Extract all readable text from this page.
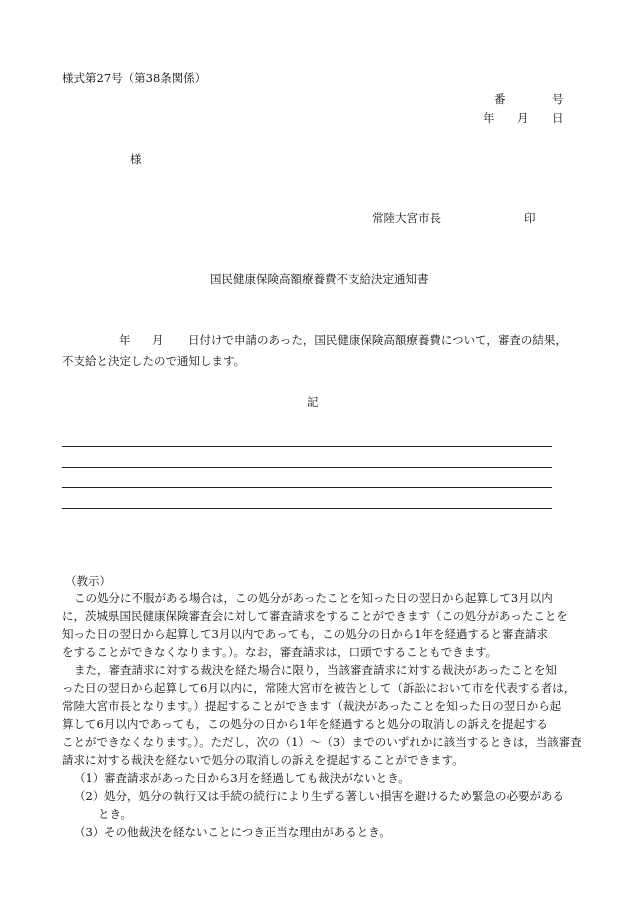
様式第27号（第38条関係）
番	号
年 月 日
様
常陸大宮市長	印
国民健康保険高額療養費不支給決定通知書
年 月 日付けで申請のあった，国民健康保険高額療養費について，審査の結果，
不支給と決定したので通知します。
記
（教示）
この処分に不服がある場合は，この処分があったことを知った日の翌日から起算して3月以内
に，茨城県国民健康保険審査会に対して審査請求をすることができます（この処分があったことを
知った日の翌日から起算して3月以内であっても，この処分の日から1年を経過すると審査請求
をすることができなくなります。）。なお，審査請求は，口頭ですることもできます。
また，審査請求に対する裁決を経た場合に限り，当該審査請求に対する裁決があったことを知
った日の翌日から起算して6月以内に，常陸大宮市を被告として（訴訟において市を代表する者は，
常陸大宮市長となります。）提起することができます（裁決があったことを知った日の翌日から起
算して6月以内であっても，この処分の日から1年を経過すると処分の取消しの訴えを提起する
ことができなくなります。）。ただし，次の（1）～（3）までのいずれかに該当するときは，当該審査
請求に対する裁決を経ないで処分の取消しの訴えを提起することができます。
（1）審査請求があった日から3月を経過しても裁決がないとき。
（2）処分，処分の執行又は手続の続行により生ずる著しい損害を避けるため緊急の必要がある
とき。
（3）その他裁決を経ないことにつき正当な理由があるとき。
